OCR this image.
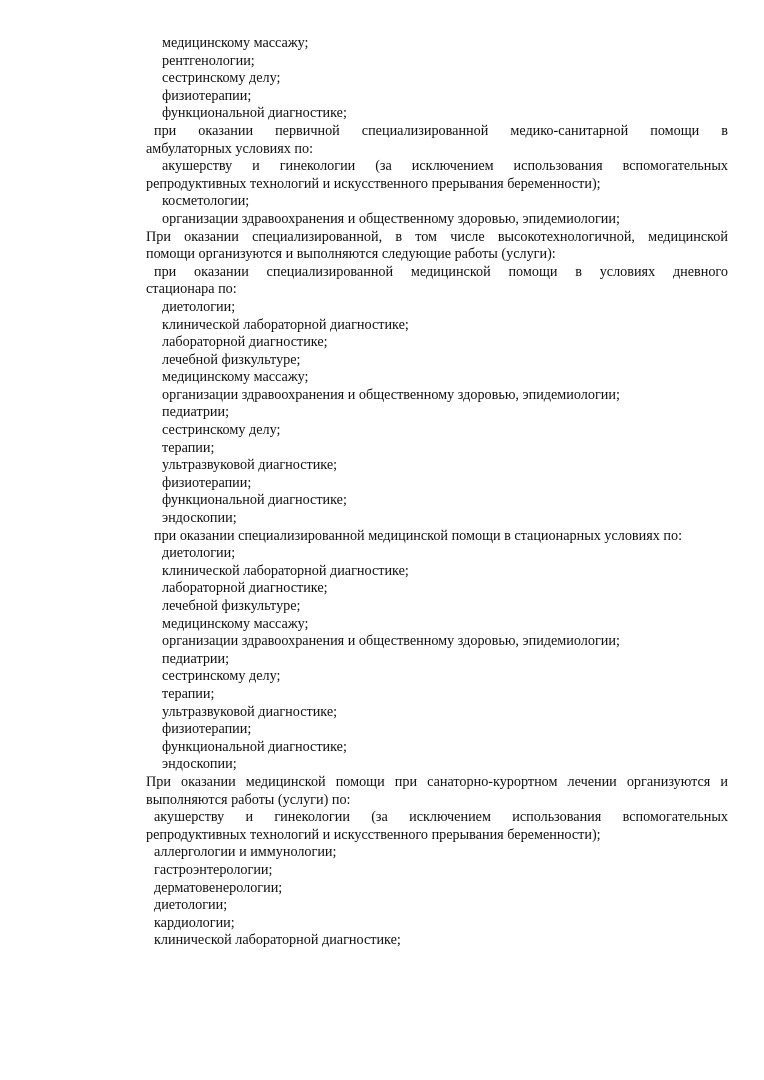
медицинскому массажу;
рентгенологии;
сестринскому делу;
физиотерапии;
функциональной диагностике;
при оказании первичной специализированной медико-санитарной помощи в
амбулаторных условиях по:
акушерству и гинекологии (за исключением использования вспомогательных
репродуктивных технологий и искусственного прерывания беременности);
косметологии;
организации здравоохранения и общественному здоровью, эпидемиологии;
При оказании специализированной, в том числе высокотехнологичной, медицинской
помощи организуются и выполняются следующие работы (услуги):
при оказании специализированной медицинской помощи в условиях дневного
стационара по:
диетологии;
клинической лабораторной диагностике;
лабораторной диагностике;
лечебной физкультуре;
медицинскому массажу;
организации здравоохранения и общественному здоровью, эпидемиологии;
педиатрии;
сестринскому делу;
терапии;
ультразвуковой диагностике;
физиотерапии;
функциональной диагностике;
эндоскопии;
при оказании специализированной медицинской помощи в стационарных условиях по:
диетологии;
клинической лабораторной диагностике;
лабораторной диагностике;
лечебной физкультуре;
медицинскому массажу;
организации здравоохранения и общественному здоровью, эпидемиологии;
педиатрии;
сестринскому делу;
терапии;
ультразвуковой диагностике;
физиотерапии;
функциональной диагностике;
эндоскопии;
При оказании медицинской помощи при санаторно-курортном лечении организуются и
выполняются работы (услуги) по:
акушерству и гинекологии (за исключением использования вспомогательных
репродуктивных технологий и искусственного прерывания беременности);
аллергологии и иммунологии;
гастроэнтерологии;
дерматовенерологии;
диетологии;
кардиологии;
клинической лабораторной диагностике;
